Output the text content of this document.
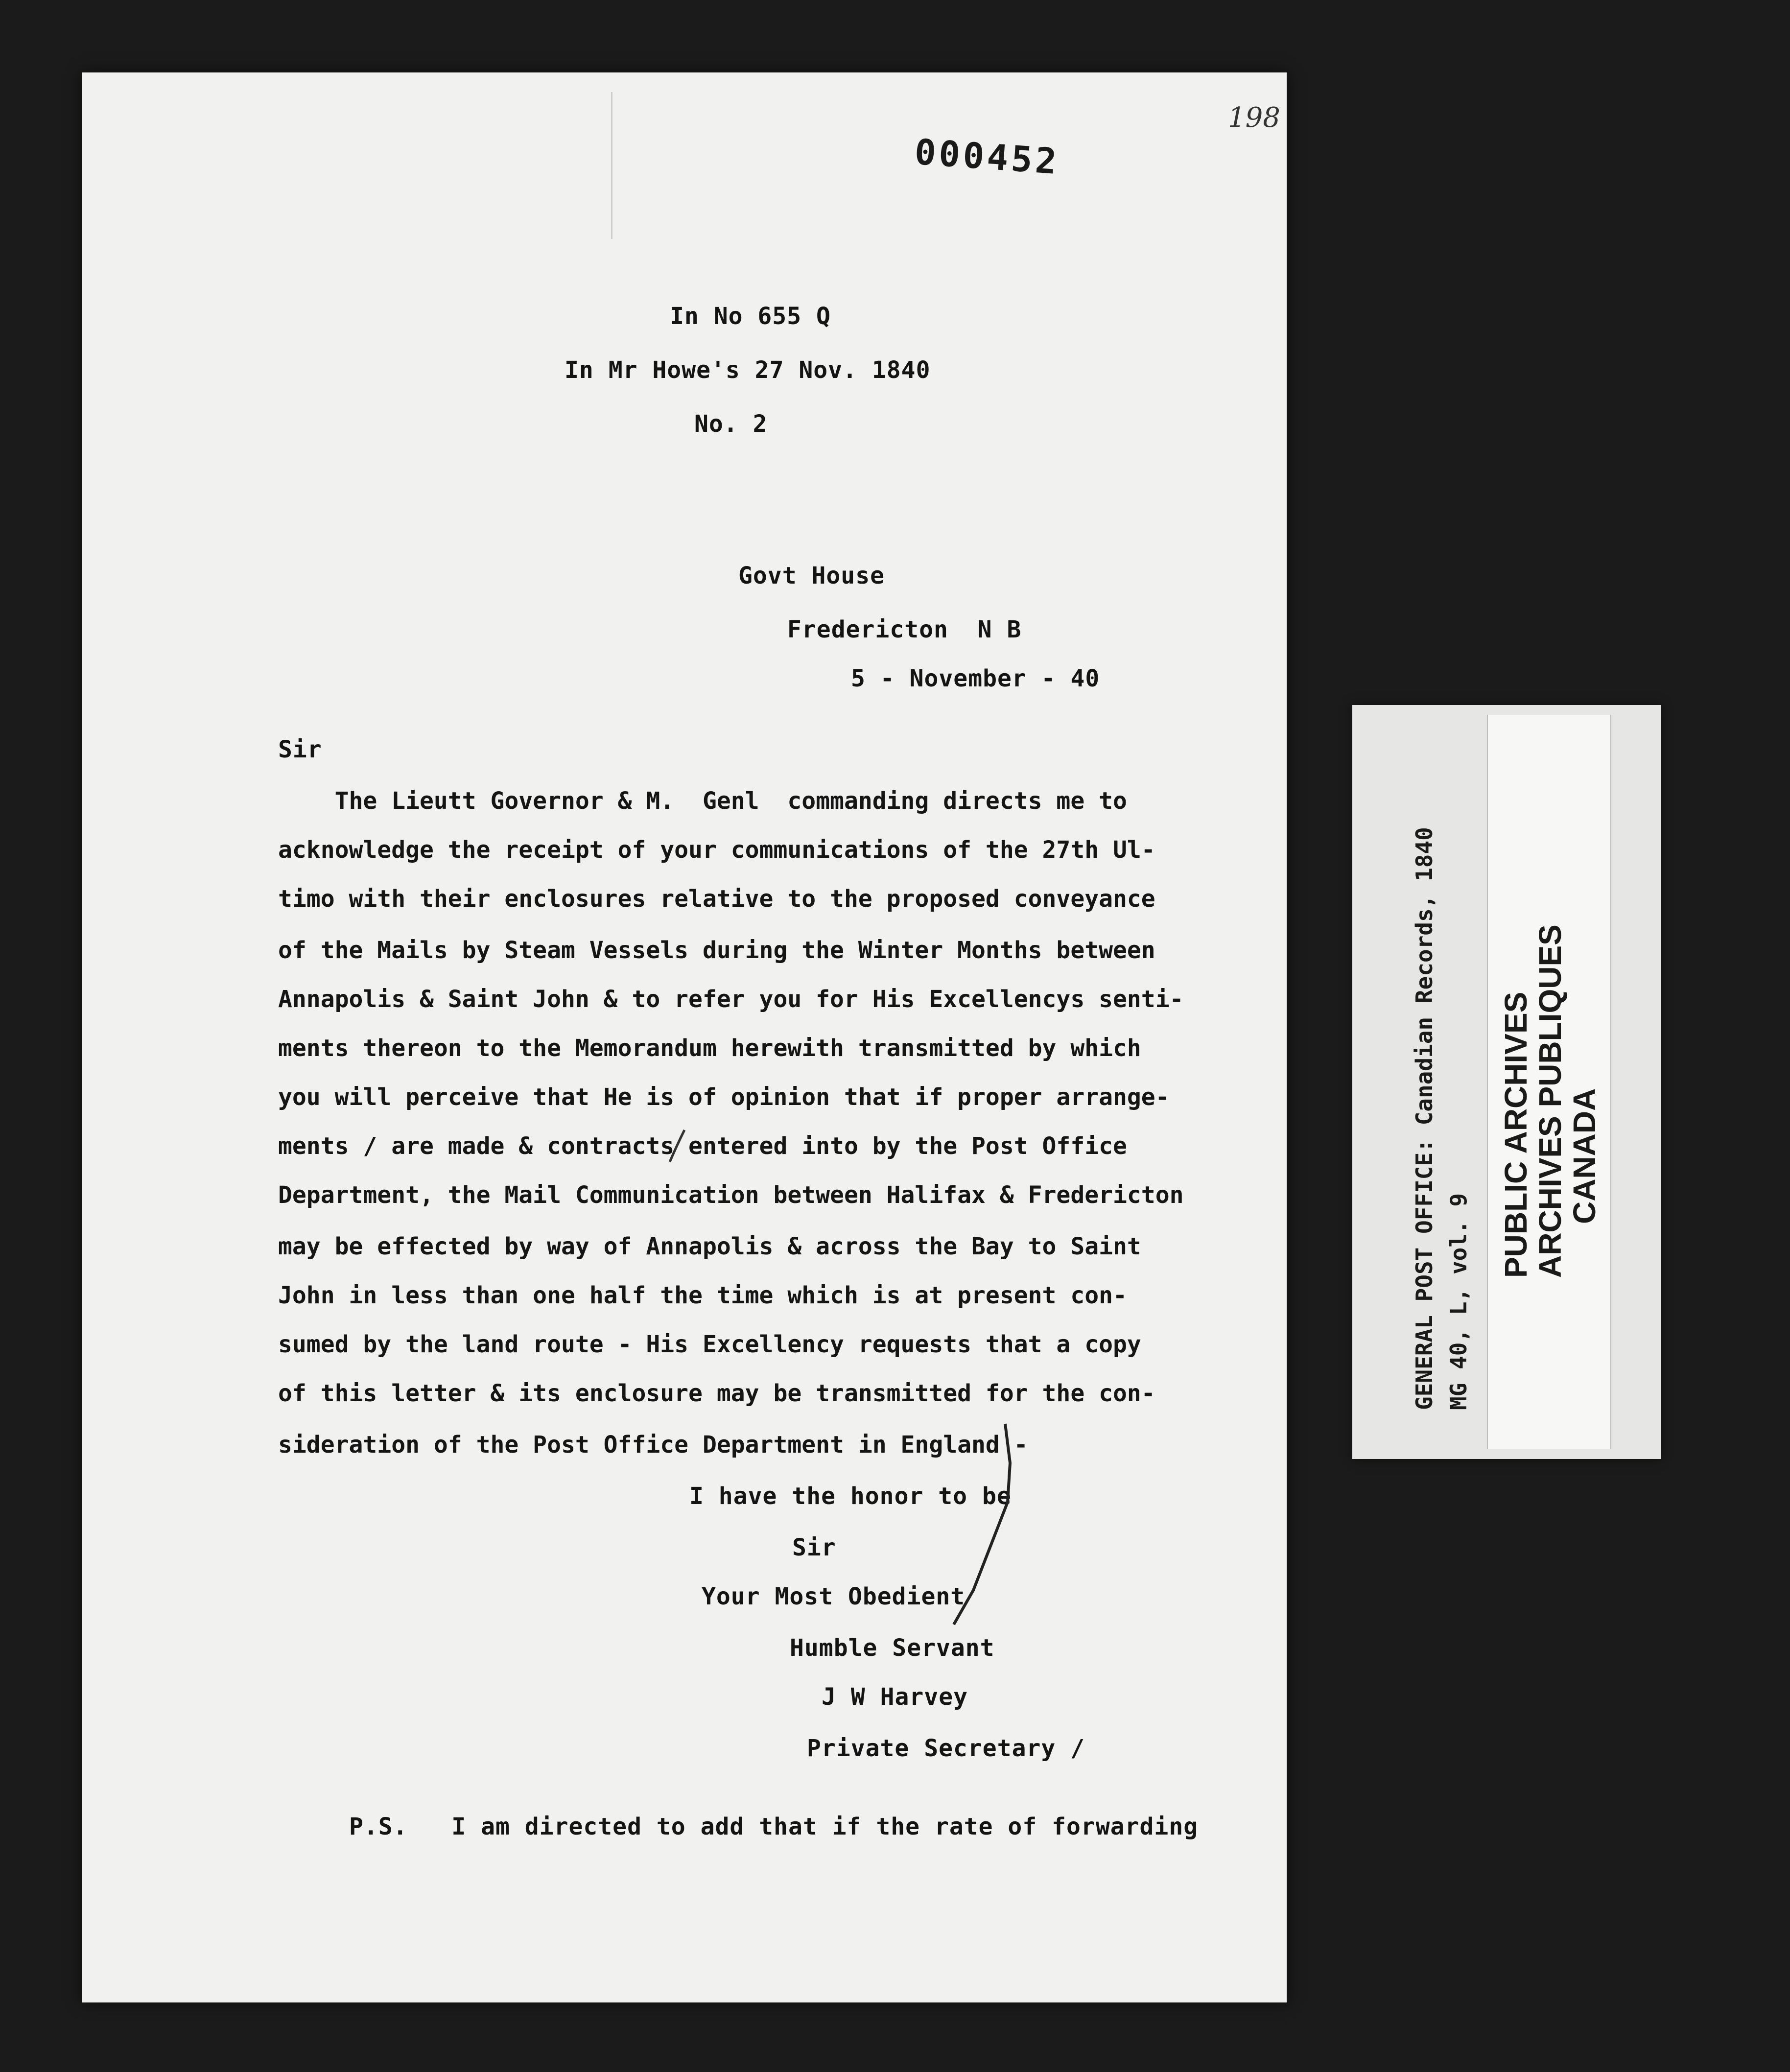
198
000452
In No 655 Q
In Mr Howe's 27 Nov. 1840
No. 2
Govt House
Fredericton  N B
5 - November - 40
Sir
The Lieutt Governor & M.  Genl  commanding directs me to
acknowledge the receipt of your communications of the 27th Ul-
timo with their enclosures relative to the proposed conveyance
of the Mails by Steam Vessels during the Winter Months between
Annapolis & Saint John & to refer you for His Excellencys senti-
ments thereon to the Memorandum herewith transmitted by which
you will perceive that He is of opinion that if proper arrange-
ments / are made & contracts entered into by the Post Office
Department, the Mail Communication between Halifax & Fredericton
may be effected by way of Annapolis & across the Bay to Saint
John in less than one half the time which is at present con-
sumed by the land route - His Excellency requests that a copy
of this letter & its enclosure may be transmitted for the con-
sideration of the Post Office Department in England -
I have the honor to be
Sir
Your Most Obedient
Humble Servant
J W Harvey
Private Secretary /
P.S.   I am directed to add that if the rate of forwarding
GENERAL POST OFFICE: Canadian Records, 1840 MG 40, L, vol. 9
PUBLIC ARCHIVES
ARCHIVES PUBLIQUES
CANADA
